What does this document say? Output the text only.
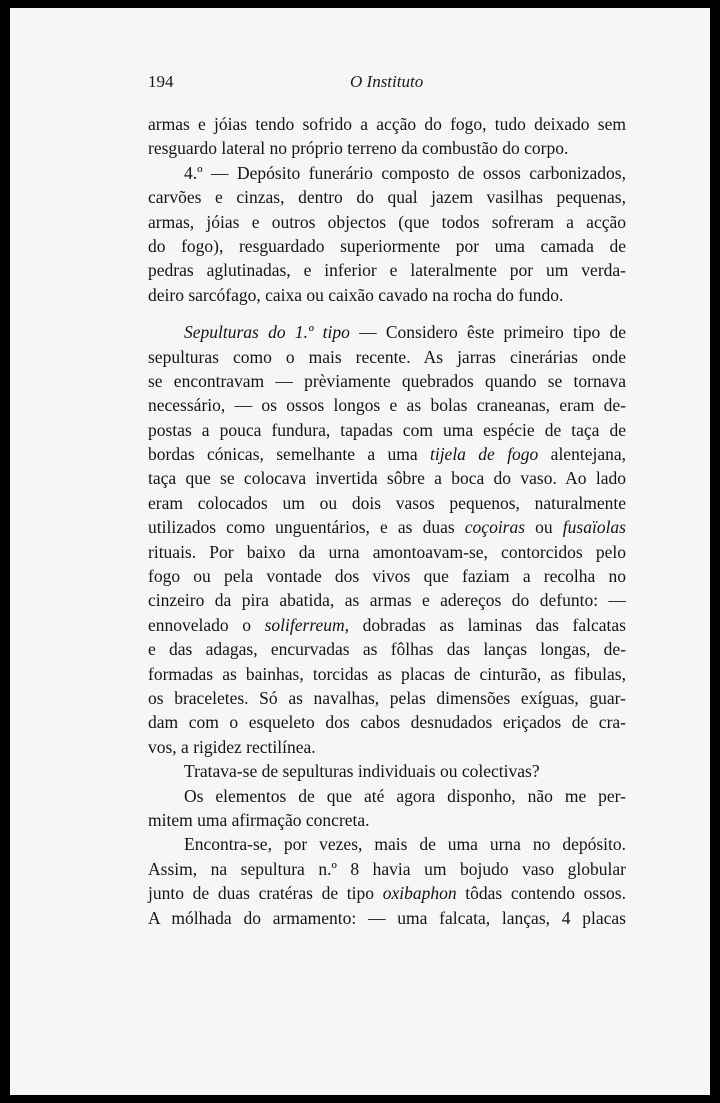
194	O Instituto
armas e jóias tendo sofrido a acção do fogo, tudo deixado sem
resguardo lateral no próprio terreno da combustão do corpo.
4.º — Depósito funerário composto de ossos carbonizados,
carvões e cinzas, dentro do qual jazem vasilhas pequenas,
armas, jóias e outros objectos (que todos sofreram a acção
do fogo), resguardado superiormente por uma camada de
pedras aglutinadas, e inferior e lateralmente por um verda-
deiro sarcófago, caixa ou caixão cavado na rocha do fundo.
Sepulturas do 1.º tipo — Considero êste primeiro tipo de
sepulturas como o mais recente. As jarras cinerárias onde
se encontravam — prèviamente quebrados quando se tornava
necessário, — os ossos longos e as bolas craneanas, eram de-
postas a pouca fundura, tapadas com uma espécie de taça de
bordas cónicas, semelhante a uma tijela de fogo alentejana,
taça que se colocava invertida sôbre a boca do vaso. Ao lado
eram colocados um ou dois vasos pequenos, naturalmente
utilizados como unguentários, e as duas coçoiras ou fusaïolas
rituais. Por baixo da urna amontoavam-se, contorcidos pelo
fogo ou pela vontade dos vivos que faziam a recolha no
cinzeiro da pira abatida, as armas e adereços do defunto: —
ennovelado o soliferreum, dobradas as laminas das falcatas
e das adagas, encurvadas as fôlhas das lanças longas, de-
formadas as bainhas, torcidas as placas de cinturão, as fibulas,
os braceletes. Só as navalhas, pelas dimensões exíguas, guar-
dam com o esqueleto dos cabos desnudados eriçados de cra-
vos, a rigidez rectilínea.
Tratava-se de sepulturas individuais ou colectivas?
Os elementos de que até agora disponho, não me per-
mitem uma afirmação concreta.
Encontra-se, por vezes, mais de uma urna no depósito.
Assim, na sepultura n.º 8 havia um bojudo vaso globular
junto de duas cratéras de tipo oxibaphon tôdas contendo ossos.
A mólhada do armamento: — uma falcata, lanças, 4 placas
